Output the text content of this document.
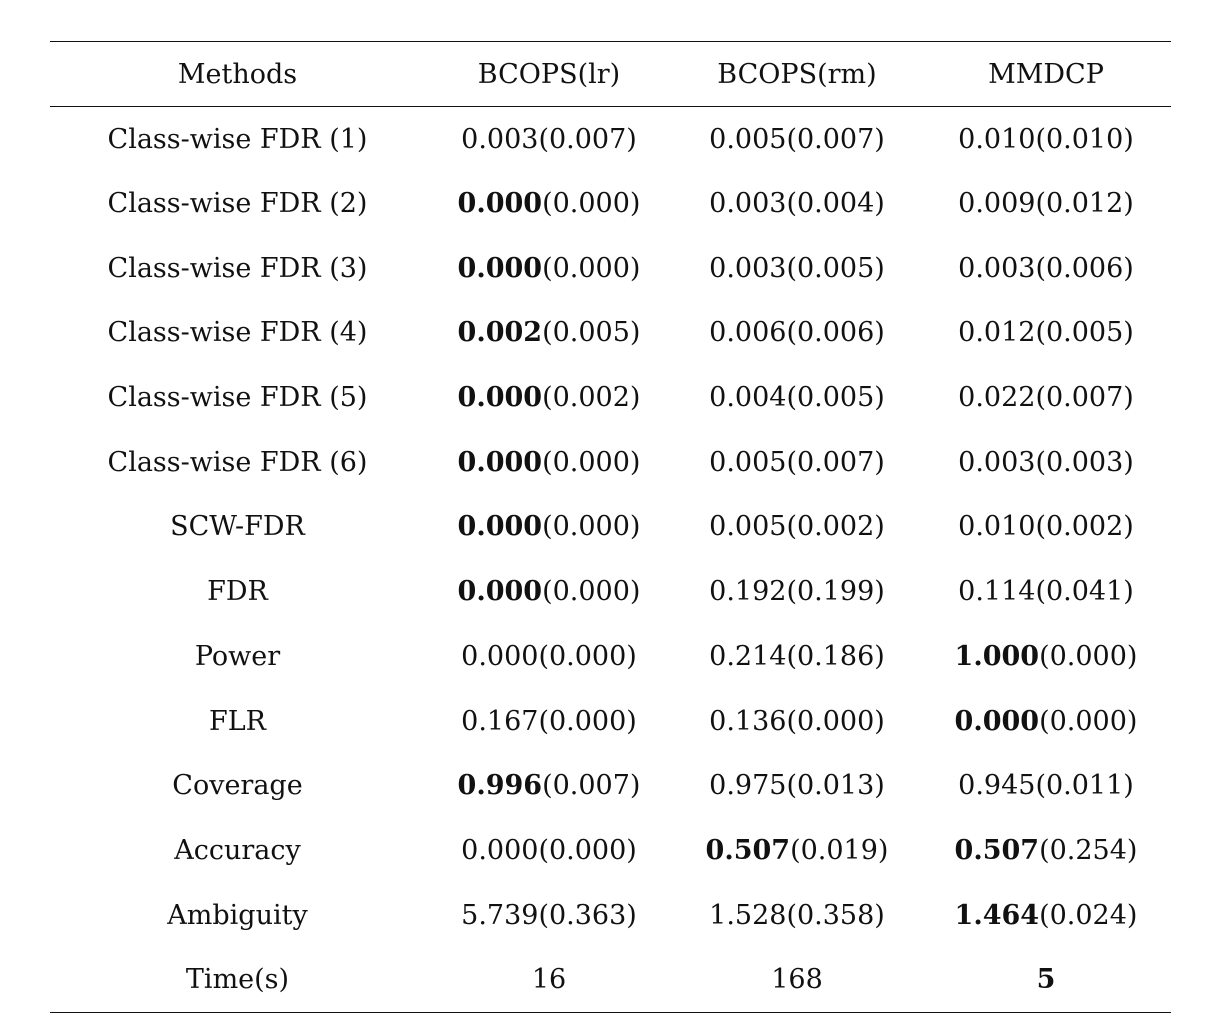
Methods	BCOPS(lr)	BCOPS(rm)	MMDCP
Class-wise FDR (1)	0.003(0.007)	0.005(0.007)	0.010(0.010)
Class-wise FDR (2)	0.000(0.000)	0.003(0.004)	0.009(0.012)
Class-wise FDR (3)	0.000(0.000)	0.003(0.005)	0.003(0.006)
Class-wise FDR (4)	0.002(0.005)	0.006(0.006)	0.012(0.005)
Class-wise FDR (5)	0.000(0.002)	0.004(0.005)	0.022(0.007)
Class-wise FDR (6)	0.000(0.000)	0.005(0.007)	0.003(0.003)
SCW-FDR	0.000(0.000)	0.005(0.002)	0.010(0.002)
FDR	0.000(0.000)	0.192(0.199)	0.114(0.041)
Power	0.000(0.000)	0.214(0.186)	1.000(0.000)
FLR	0.167(0.000)	0.136(0.000)	0.000(0.000)
Coverage	0.996(0.007)	0.975(0.013)	0.945(0.011)
Accuracy	0.000(0.000)	0.507(0.019)	0.507(0.254)
Ambiguity	5.739(0.363)	1.528(0.358)	1.464(0.024)
Time(s)	16	168	5
